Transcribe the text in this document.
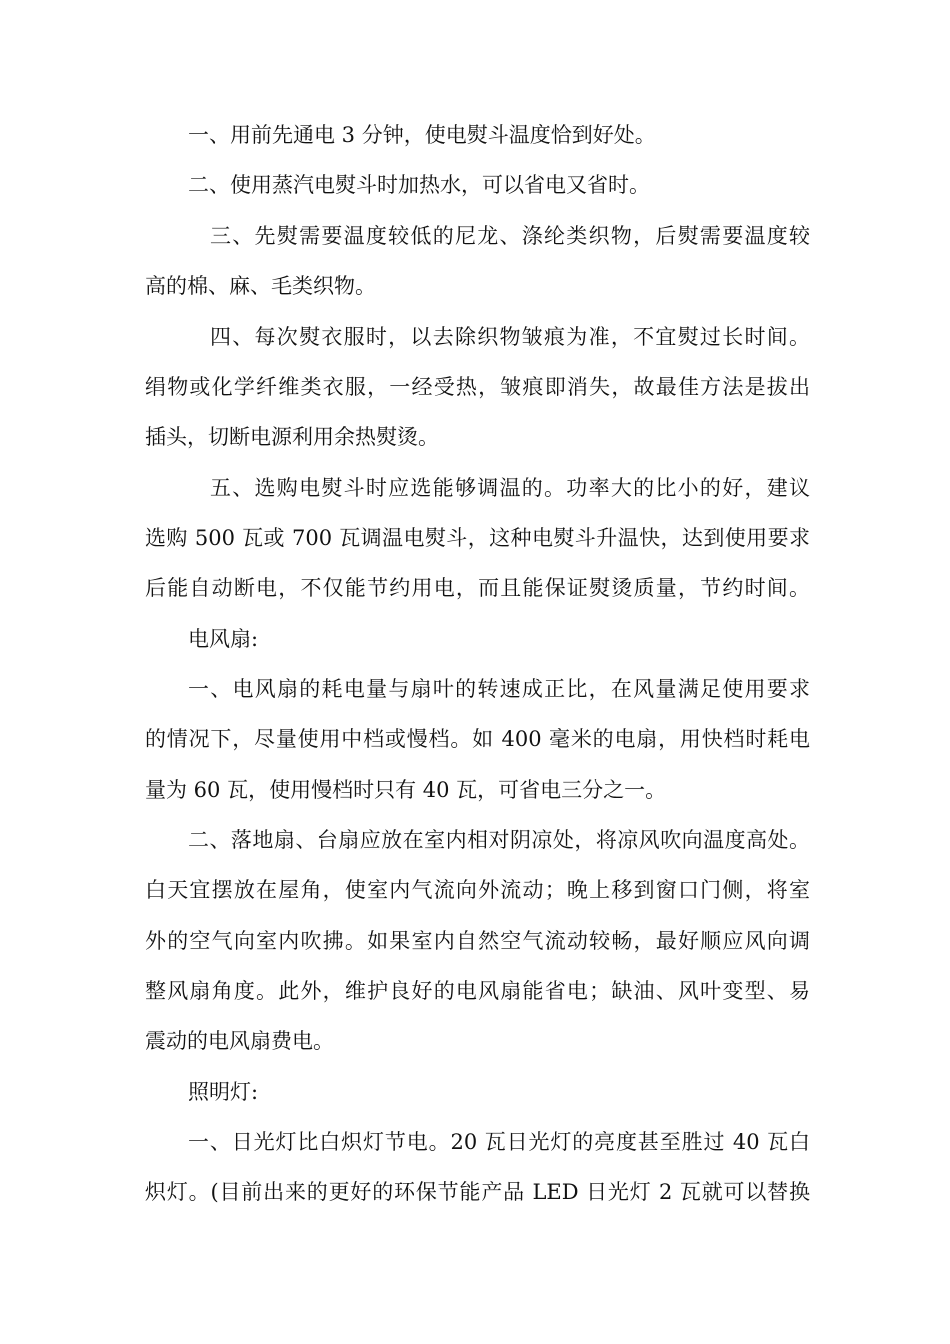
一、用前先通电 3 分钟，使电熨斗温度恰到好处。
二、使用蒸汽电熨斗时加热水，可以省电又省时。
三、先熨需要温度较低的尼龙、涤纶类织物，后熨需要温度较
高的棉、麻、毛类织物。
四、每次熨衣服时，以去除织物皱痕为准，不宜熨过长时间。
绢物或化学纤维类衣服，一经受热，皱痕即消失，故最佳方法是拔出
插头，切断电源利用余热熨烫。
五、选购电熨斗时应选能够调温的。功率大的比小的好，建议
选购 500 瓦或 700 瓦调温电熨斗，这种电熨斗升温快，达到使用要求
后能自动断电，不仅能节约用电，而且能保证熨烫质量，节约时间。
电风扇:
一、电风扇的耗电量与扇叶的转速成正比，在风量满足使用要求
的情况下，尽量使用中档或慢档。如 400 毫米的电扇，用快档时耗电
量为 60 瓦，使用慢档时只有 40 瓦，可省电三分之一。
二、落地扇、台扇应放在室内相对阴凉处，将凉风吹向温度高处。
白天宜摆放在屋角，使室内气流向外流动；晚上移到窗口门侧，将室
外的空气向室内吹拂。如果室内自然空气流动较畅，最好顺应风向调
整风扇角度。此外，维护良好的电风扇能省电；缺油、风叶变型、易
震动的电风扇费电。
照明灯:
一、日光灯比白炽灯节电。20 瓦日光灯的亮度甚至胜过 40 瓦白
炽灯。(目前出来的更好的环保节能产品 LED 日光灯 2 瓦就可以替换
